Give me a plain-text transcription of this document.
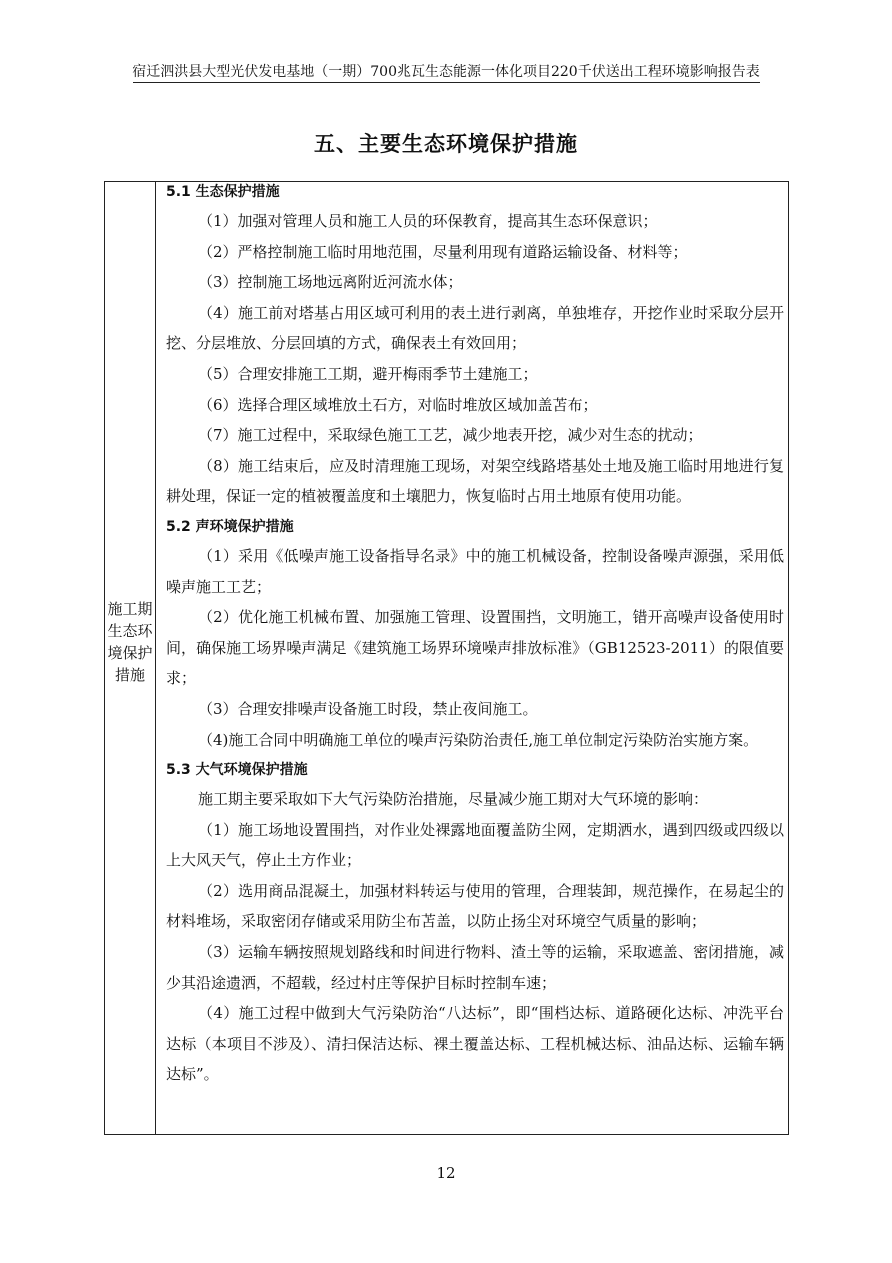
宿迁泗洪县大型光伏发电基地（一期）700兆瓦生态能源一体化项目220千伏送出工程环境影响报告表
五、主要生态环境保护措施
施工期生态环境保护措施

5.1 生态保护措施

（1）加强对管理人员和施工人员的环保教育，提高其生态环保意识；

（2）严格控制施工临时用地范围，尽量利用现有道路运输设备、材料等；

（3）控制施工场地远离附近河流水体；

（4）施工前对塔基占用区域可利用的表土进行剥离，单独堆存，开挖作业时采取分层开挖、分层堆放、分层回填的方式，确保表土有效回用；

（5）合理安排施工工期，避开梅雨季节土建施工；

（6）选择合理区域堆放土石方，对临时堆放区域加盖苫布；

（7）施工过程中，采取绿色施工工艺，减少地表开挖，减少对生态的扰动；

（8）施工结束后，应及时清理施工现场，对架空线路塔基处土地及施工临时用地进行复耕处理，保证一定的植被覆盖度和土壤肥力，恢复临时占用土地原有使用功能。

5.2 声环境保护措施

（1）采用《低噪声施工设备指导名录》中的施工机械设备，控制设备噪声源强，采用低噪声施工工艺；

（2）优化施工机械布置、加强施工管理、设置围挡，文明施工，错开高噪声设备使用时间，确保施工场界噪声满足《建筑施工场界环境噪声排放标准》（GB12523-2011）的限值要求；

（3）合理安排噪声设备施工时段，禁止夜间施工。

（4)施工合同中明确施工单位的噪声污染防治责任,施工单位制定污染防治实施方案。

5.3 大气环境保护措施

施工期主要采取如下大气污染防治措施，尽量减少施工期对大气环境的影响：

（1）施工场地设置围挡，对作业处裸露地面覆盖防尘网，定期洒水，遇到四级或四级以上大风天气，停止土方作业；

（2）选用商品混凝土，加强材料转运与使用的管理，合理装卸，规范操作，在易起尘的材料堆场，采取密闭存储或采用防尘布苫盖，以防止扬尘对环境空气质量的影响；

（3）运输车辆按照规划路线和时间进行物料、渣土等的运输，采取遮盖、密闭措施，减少其沿途遗洒，不超载，经过村庄等保护目标时控制车速；

（4）施工过程中做到大气污染防治“八达标”，即“围档达标、道路硬化达标、冲洗平台达标（本项目不涉及）、清扫保洁达标、裸土覆盖达标、工程机械达标、油品达标、运输车辆达标”。

12
